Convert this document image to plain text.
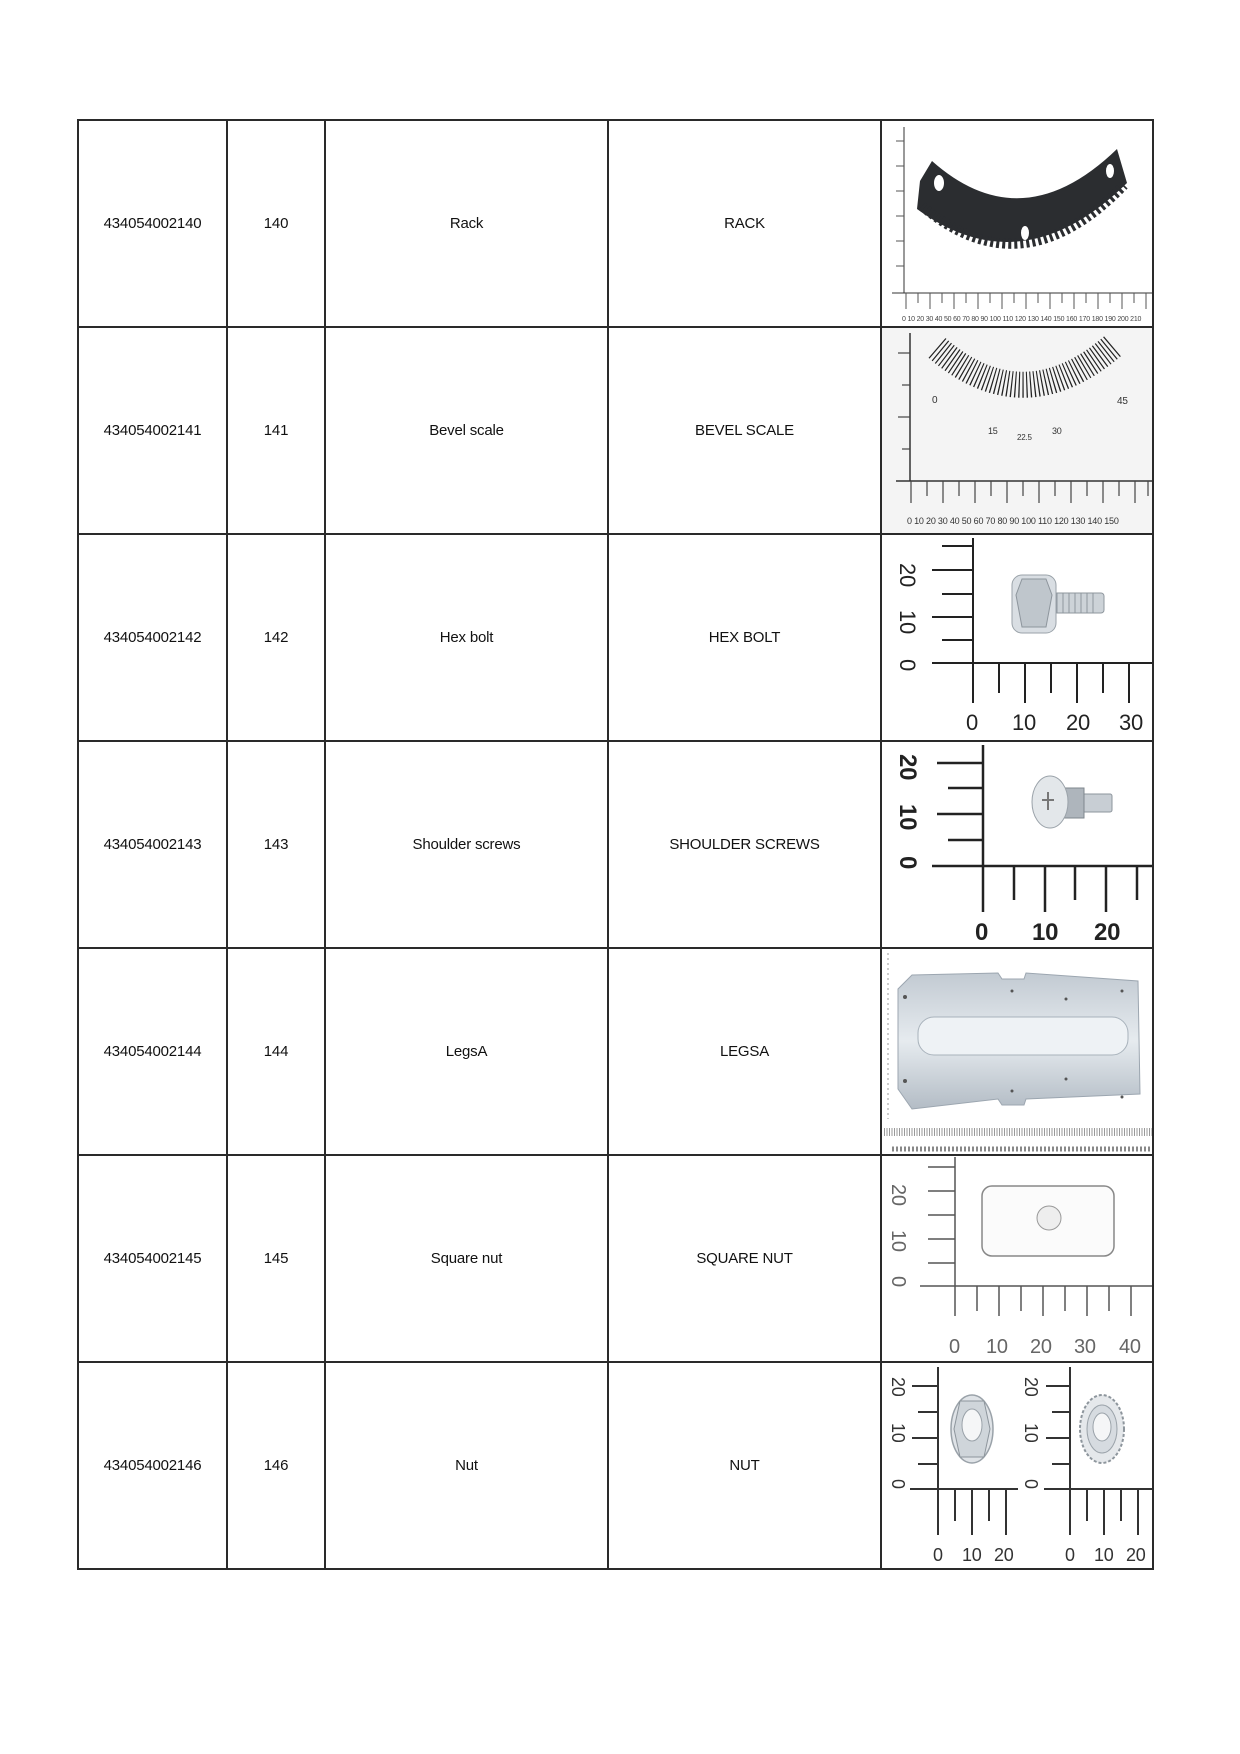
434054002140	140	Rack	RACK	0 10 20 30 40 50 60 70 80 90 100 110 120 130 140 150 160 170 180 190 200 210

434054002141	141	Bevel scale	BEVEL SCALE	
0 10 20 30 40 50 60 70 80 90 100 110 120 130 140 150
0
15
22.5
30
45

434054002142	142	Hex bolt	HEX BOLT	
0 10 20 30
20
10
0

434054002143	143	Shoulder screws	SHOULDER SCREWS	
0 10 20
20
10
0

434054002144	144	LegsA	LEGSA	

434054002145	145	Square nut	SQUARE NUT	
0 10 20 30 40
20
10
0

434054002146	146	Nut	NUT	
0 10 20	0 10 20
20
10
0
20
10
0
